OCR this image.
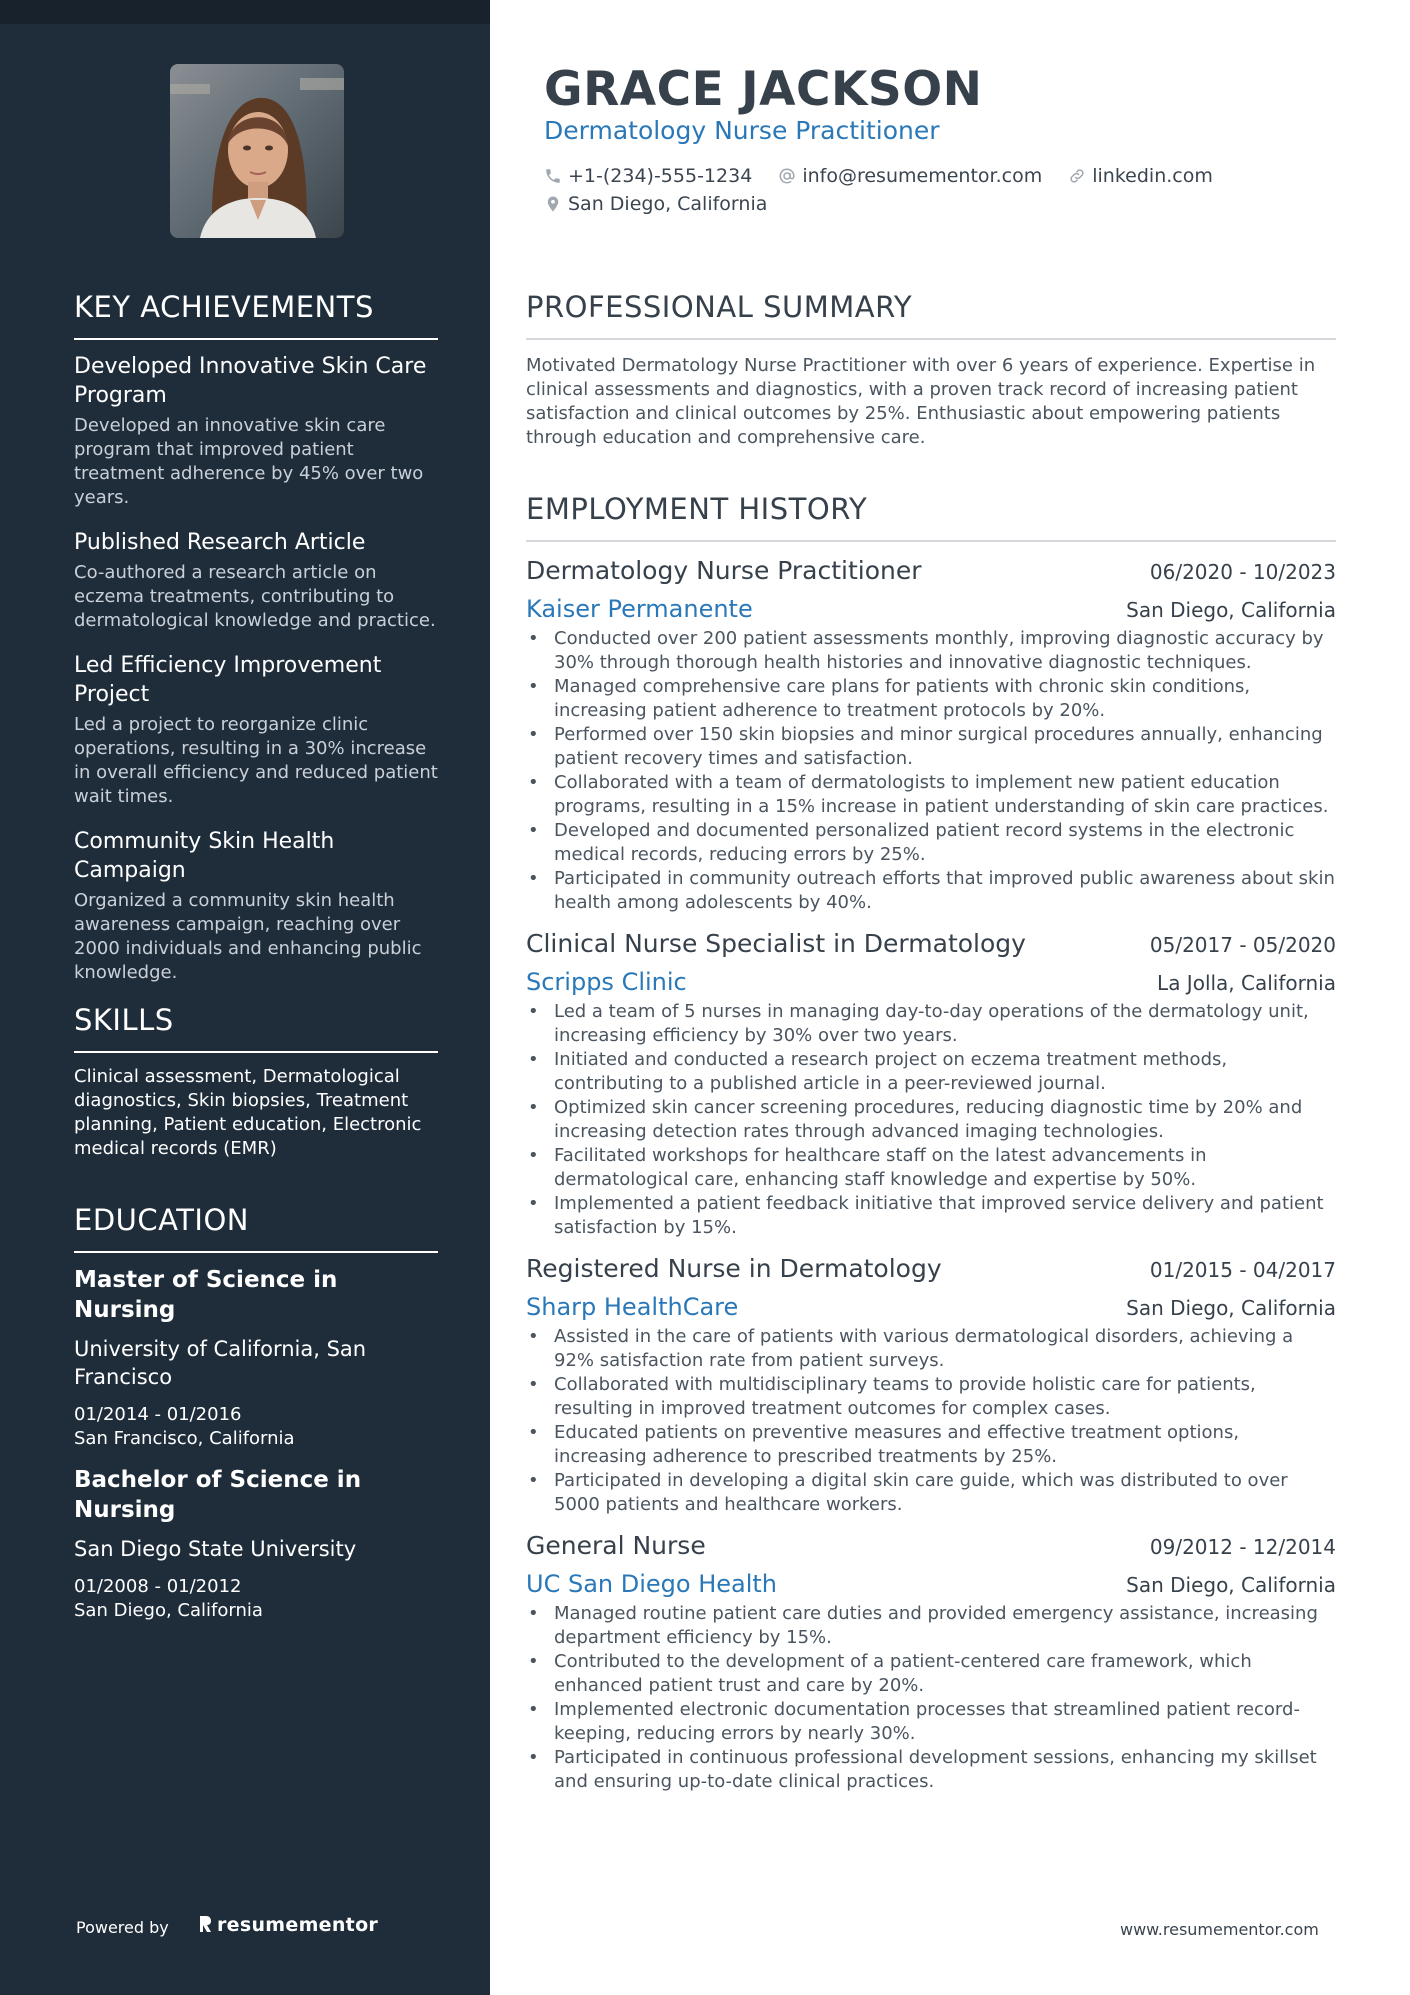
KEY ACHIEVEMENTS
Developed Innovative Skin Care Program
Developed an innovative skin care program that improved patient treatment adherence by 45% over two years.
Published Research Article
Co-authored a research article on eczema treatments, contributing to dermatological knowledge and practice.
Led Efficiency Improvement Project
Led a project to reorganize clinic operations, resulting in a 30% increase in overall efficiency and reduced patient wait times.
Community Skin Health Campaign
Organized a community skin health awareness campaign, reaching over 2000 individuals and enhancing public knowledge.
SKILLS
Clinical assessment, Dermatological diagnostics, Skin biopsies, Treatment planning, Patient education, Electronic medical records (EMR)
EDUCATION
Master of Science in Nursing
University of California, San Francisco
01/2014 - 01/2016
San Francisco, California
Bachelor of Science in Nursing
San Diego State University
01/2008 - 01/2012
San Diego, California
Powered by	resumementor
GRACE JACKSON
Dermatology Nurse Practitioner
+1-(234)-555-1234
	info@resumementor.com
	linkedin.com

San Diego, California
PROFESSIONAL SUMMARY
Motivated Dermatology Nurse Practitioner with over 6 years of experience. Expertise in clinical assessments and diagnostics, with a proven track record of increasing patient satisfaction and clinical outcomes by 25%. Enthusiastic about empowering patients through education and comprehensive care.
EMPLOYMENT HISTORY
Dermatology Nurse Practitioner	06/2020 - 10/2023
Kaiser Permanente	San Diego, California
• Conducted over 200 patient assessments monthly, improving diagnostic accuracy by 30% through thorough health histories and innovative diagnostic techniques.
• Managed comprehensive care plans for patients with chronic skin conditions, increasing patient adherence to treatment protocols by 20%.
• Performed over 150 skin biopsies and minor surgical procedures annually, enhancing patient recovery times and satisfaction.
• Collaborated with a team of dermatologists to implement new patient education programs, resulting in a 15% increase in patient understanding of skin care practices.
• Developed and documented personalized patient record systems in the electronic medical records, reducing errors by 25%.
• Participated in community outreach efforts that improved public awareness about skin health among adolescents by 40%.
Clinical Nurse Specialist in Dermatology	05/2017 - 05/2020
Scripps Clinic	La Jolla, California
• Led a team of 5 nurses in managing day-to-day operations of the dermatology unit, increasing efficiency by 30% over two years.
• Initiated and conducted a research project on eczema treatment methods, contributing to a published article in a peer-reviewed journal.
• Optimized skin cancer screening procedures, reducing diagnostic time by 20% and increasing detection rates through advanced imaging technologies.
• Facilitated workshops for healthcare staff on the latest advancements in dermatological care, enhancing staff knowledge and expertise by 50%.
• Implemented a patient feedback initiative that improved service delivery and patient satisfaction by 15%.
Registered Nurse in Dermatology	01/2015 - 04/2017
Sharp HealthCare	San Diego, California
• Assisted in the care of patients with various dermatological disorders, achieving a 92% satisfaction rate from patient surveys.
• Collaborated with multidisciplinary teams to provide holistic care for patients, resulting in improved treatment outcomes for complex cases.
• Educated patients on preventive measures and effective treatment options, increasing adherence to prescribed treatments by 25%.
• Participated in developing a digital skin care guide, which was distributed to over 5000 patients and healthcare workers.
General Nurse	09/2012 - 12/2014
UC San Diego Health	San Diego, California
• Managed routine patient care duties and provided emergency assistance, increasing department efficiency by 15%.
• Contributed to the development of a patient-centered care framework, which enhanced patient trust and care by 20%.
• Implemented electronic documentation processes that streamlined patient record-keeping, reducing errors by nearly 30%.
• Participated in continuous professional development sessions, enhancing my skillset and ensuring up-to-date clinical practices.
www.resumementor.com
